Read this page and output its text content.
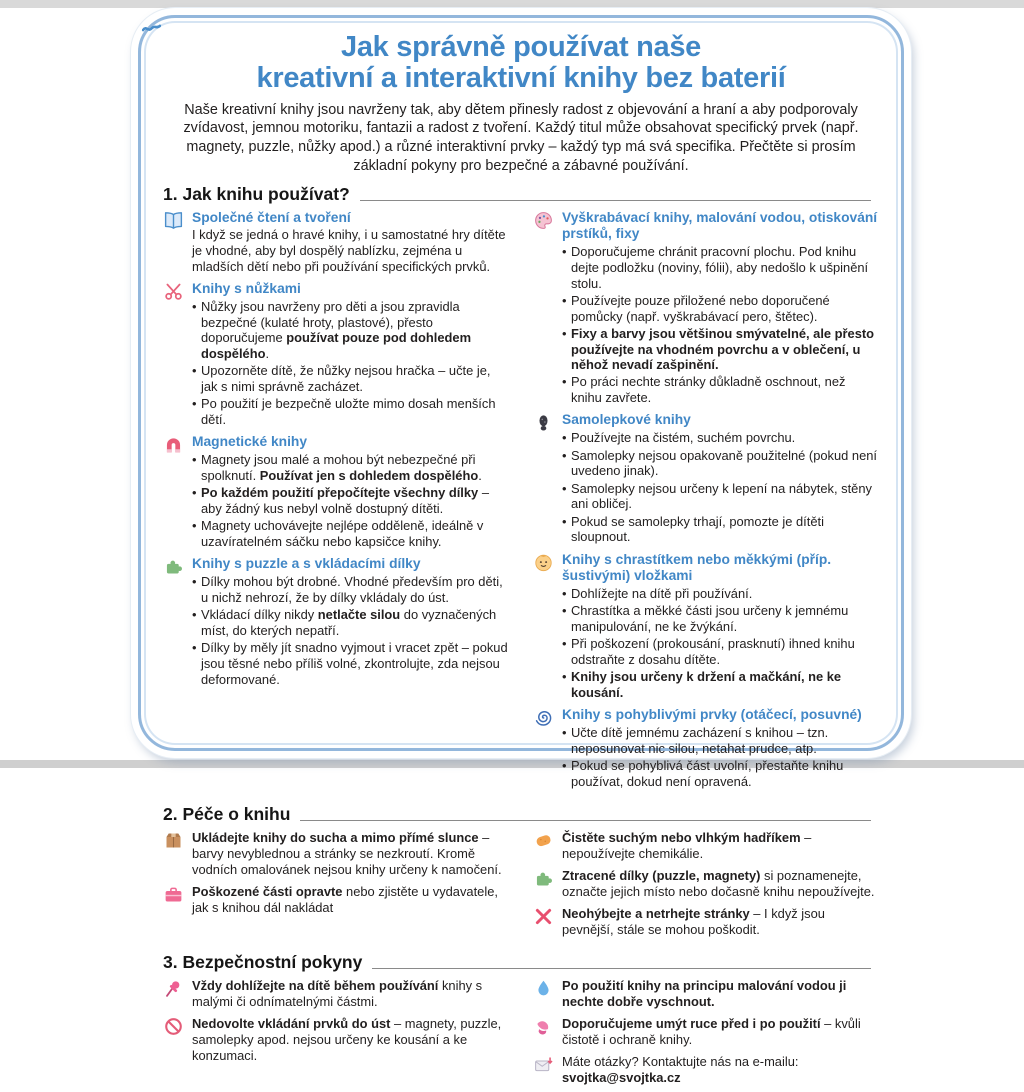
Jak správně používat naše
kreativní a interaktivní knihy bez baterií

Naše kreativní knihy jsou navrženy tak, aby dětem přinesly radost z objevování a hraní a aby podporovaly zvídavost, jemnou motoriku, fantazii a radost z tvoření. Každý titul může obsahovat specifický prvek (např. magnety, puzzle, nůžky apod.) a různé interaktivní prvky – každý typ má svá specifika. Přečtěte si prosím základní pokyny pro bezpečné a zábavné používání.

1. Jak knihu používat?
Společné čtení a tvoření
I když se jedná o hravé knihy, i u samostatné hry dítěte je vhodné, aby byl dospělý nablízku, zejména u mladších dětí nebo při používání specifických prvků.
Knihy s nůžkami
• Nůžky jsou navrženy pro děti a jsou zpravidla bezpečné (kulaté hroty, plastové), přesto doporučujeme používat pouze pod dohledem dospělého.
• Upozorněte dítě, že nůžky nejsou hračka – učte je, jak s nimi správně zacházet.
• Po použití je bezpečně uložte mimo dosah menších dětí.
Magnetické knihy
• Magnety jsou malé a mohou být nebezpečné při spolknutí. Používat jen s dohledem dospělého.
• Po každém použití přepočítejte všechny dílky – aby žádný kus nebyl volně dostupný dítěti.
• Magnety uchovávejte nejlépe odděleně, ideálně v uzavíratelném sáčku nebo kapsičce knihy.
Knihy s puzzle a s vkládacími dílky
• Dílky mohou být drobné. Vhodné především pro děti, u nichž nehrozí, že by dílky vkládaly do úst.
• Vkládací dílky nikdy netlačte silou do vyznačených míst, do kterých nepatří.
• Dílky by měly jít snadno vyjmout i vracet zpět – pokud jsou těsné nebo příliš volné, zkontrolujte, zda nejsou deformované.
Vyškrabávací knihy, malování vodou, otiskování prstíků, fixy
• Doporučujeme chránit pracovní plochu. Pod knihu dejte podložku (noviny, fólii), aby nedošlo k ušpinění stolu.
• Používejte pouze přiložené nebo doporučené pomůcky (např. vyškrabávací pero, štětec).
• Fixy a barvy jsou většinou smývatelné, ale přesto používejte na vhodném povrchu a v oblečení, u něhož nevadí zašpinění.
• Po práci nechte stránky důkladně oschnout, než knihu zavřete.
Samolepkové knihy
• Používejte na čistém, suchém povrchu.
• Samolepky nejsou opakovaně použitelné (pokud není uvedeno jinak).
• Samolepky nejsou určeny k lepení na nábytek, stěny ani obličej.
• Pokud se samolepky trhají, pomozte je dítěti sloupnout.
Knihy s chrastítkem nebo měkkými (příp. šustivými) vložkami
• Dohlížejte na dítě při používání.
• Chrastítka a měkké části jsou určeny k jemnému manipulování, ne ke žvýkání.
• Při poškození (prokousání, prasknutí) ihned knihu odstraňte z dosahu dítěte.
• Knihy jsou určeny k držení a mačkání, ne ke kousání.
Knihy s pohyblivými prvky (otáčecí, posuvné)
• Učte dítě jemnému zacházení s knihou – tzn. neposunovat nic silou, netahat prudce, atp.
• Pokud se pohyblivá část uvolní, přestaňte knihu používat, dokud není opravená.
2. Péče o knihu
Ukládejte knihy do sucha a mimo přímé slunce – barvy nevyblednou a stránky se nezkroutí. Kromě vodních omalovánek nejsou knihy určeny k namočení.
Poškozené části opravte nebo zjistěte u vydavatele, jak s knihou dál nakládat
Čistěte suchým nebo vlhkým hadříkem – nepoužívejte chemikálie.
Ztracené dílky (puzzle, magnety) si poznamenejte, označte jejich místo nebo dočasně knihu nepoužívejte.
Neohýbejte a netrhejte stránky – I když jsou pevnější, stále se mohou poškodit.
3. Bezpečnostní pokyny
Vždy dohlížejte na dítě během používání knihy s malými či odnímatelnými částmi.
Nedovolte vkládání prvků do úst – magnety, puzzle, samolepky apod. nejsou určeny ke kousání a ke konzumaci.
Po použití knihy na principu malování vodou ji nechte dobře vyschnout.
Doporučujeme umýt ruce před i po použití – kvůli čistotě i ochraně knihy.
Máte otázky? Kontaktujte nás na e-mailu: svojtka@svojtka.cz
